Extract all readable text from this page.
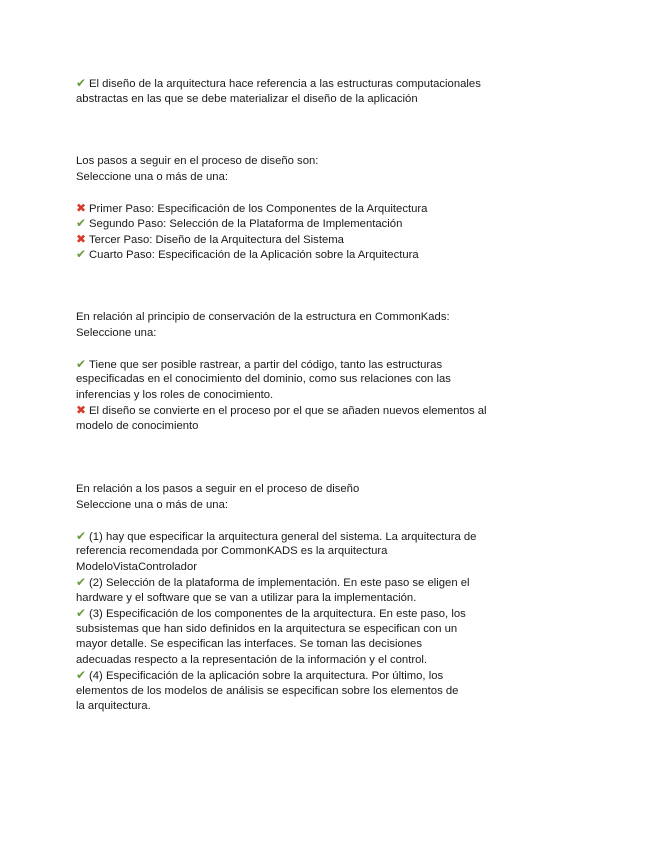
✔ El diseño de la arquitectura hace referencia a las estructuras computacionales
abstractas en las que se debe materializar el diseño de la aplicación
Los pasos a seguir en el proceso de diseño son:
Seleccione una o más de una:
✖ Primer Paso: Especificación de los Componentes de la Arquitectura
✔ Segundo Paso: Selección de la Plataforma de Implementación
✖ Tercer Paso: Diseño de la Arquitectura del Sistema
✔ Cuarto Paso: Especificación de la Aplicación sobre la Arquitectura
En relación al principio de conservación de la estructura en CommonKads:
Seleccione una:
✔ Tiene que ser posible rastrear, a partir del código, tanto las estructuras
especificadas en el conocimiento del dominio, como sus relaciones con las
inferencias y los roles de conocimiento.
✖ El diseño se convierte en el proceso por el que se añaden nuevos elementos al
modelo de conocimiento
En relación a los pasos a seguir en el proceso de diseño
Seleccione una o más de una:
✔ (1) hay que especificar la arquitectura general del sistema. La arquitectura de
referencia recomendada por CommonKADS es la arquitectura
ModeloVistaControlador
✔ (2) Selección de la plataforma de implementación. En este paso se eligen el
hardware y el software que se van a utilizar para la implementación.
✔ (3) Especificación de los componentes de la arquitectura. En este paso, los
subsistemas que han sido definidos en la arquitectura se especifican con un
mayor detalle. Se especifican las interfaces. Se toman las decisiones
adecuadas respecto a la representación de la información y el control.
✔ (4) Especificación de la aplicación sobre la arquitectura. Por último, los
elementos de los modelos de análisis se especifican sobre los elementos de
la arquitectura.
